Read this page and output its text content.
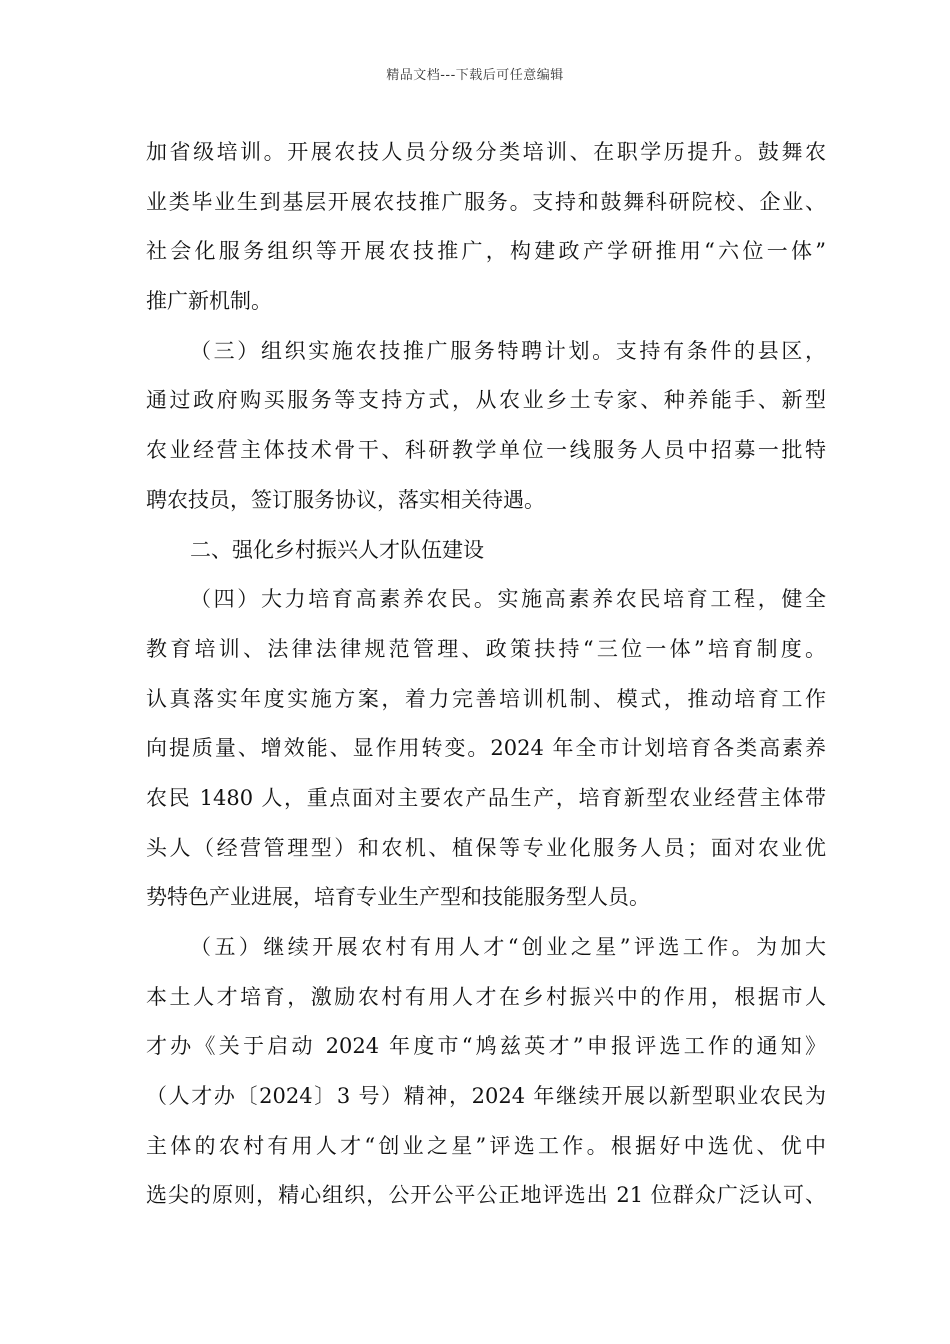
精品文档---下载后可任意编辑
加省级培训。开展农技人员分级分类培训、在职学历提升。鼓舞农
业类毕业生到基层开展农技推广服务。支持和鼓舞科研院校、企业、
社会化服务组织等开展农技推广，构建政产学研推用“六位一体”
推广新机制。
（三）组织实施农技推广服务特聘计划。支持有条件的县区，
通过政府购买服务等支持方式，从农业乡土专家、种养能手、新型
农业经营主体技术骨干、科研教学单位一线服务人员中招募一批特
聘农技员，签订服务协议，落实相关待遇。
二、强化乡村振兴人才队伍建设
（四）大力培育高素养农民。实施高素养农民培育工程，健全
教育培训、法律法律规范管理、政策扶持“三位一体”培育制度。
认真落实年度实施方案，着力完善培训机制、模式，推动培育工作
向提质量、增效能、显作用转变。2024 年全市计划培育各类高素养
农民 1480 人，重点面对主要农产品生产，培育新型农业经营主体带
头人（经营管理型）和农机、植保等专业化服务人员；面对农业优
势特色产业进展，培育专业生产型和技能服务型人员。
（五）继续开展农村有用人才“创业之星”评选工作。为加大
本土人才培育，激励农村有用人才在乡村振兴中的作用，根据市人
才办《关于启动 2024 年度市“鸠兹英才”申报评选工作的通知》
（人才办〔2024〕3 号）精神，2024 年继续开展以新型职业农民为
主体的农村有用人才“创业之星”评选工作。根据好中选优、优中
选尖的原则，精心组织，公开公平公正地评选出 21 位群众广泛认可、
